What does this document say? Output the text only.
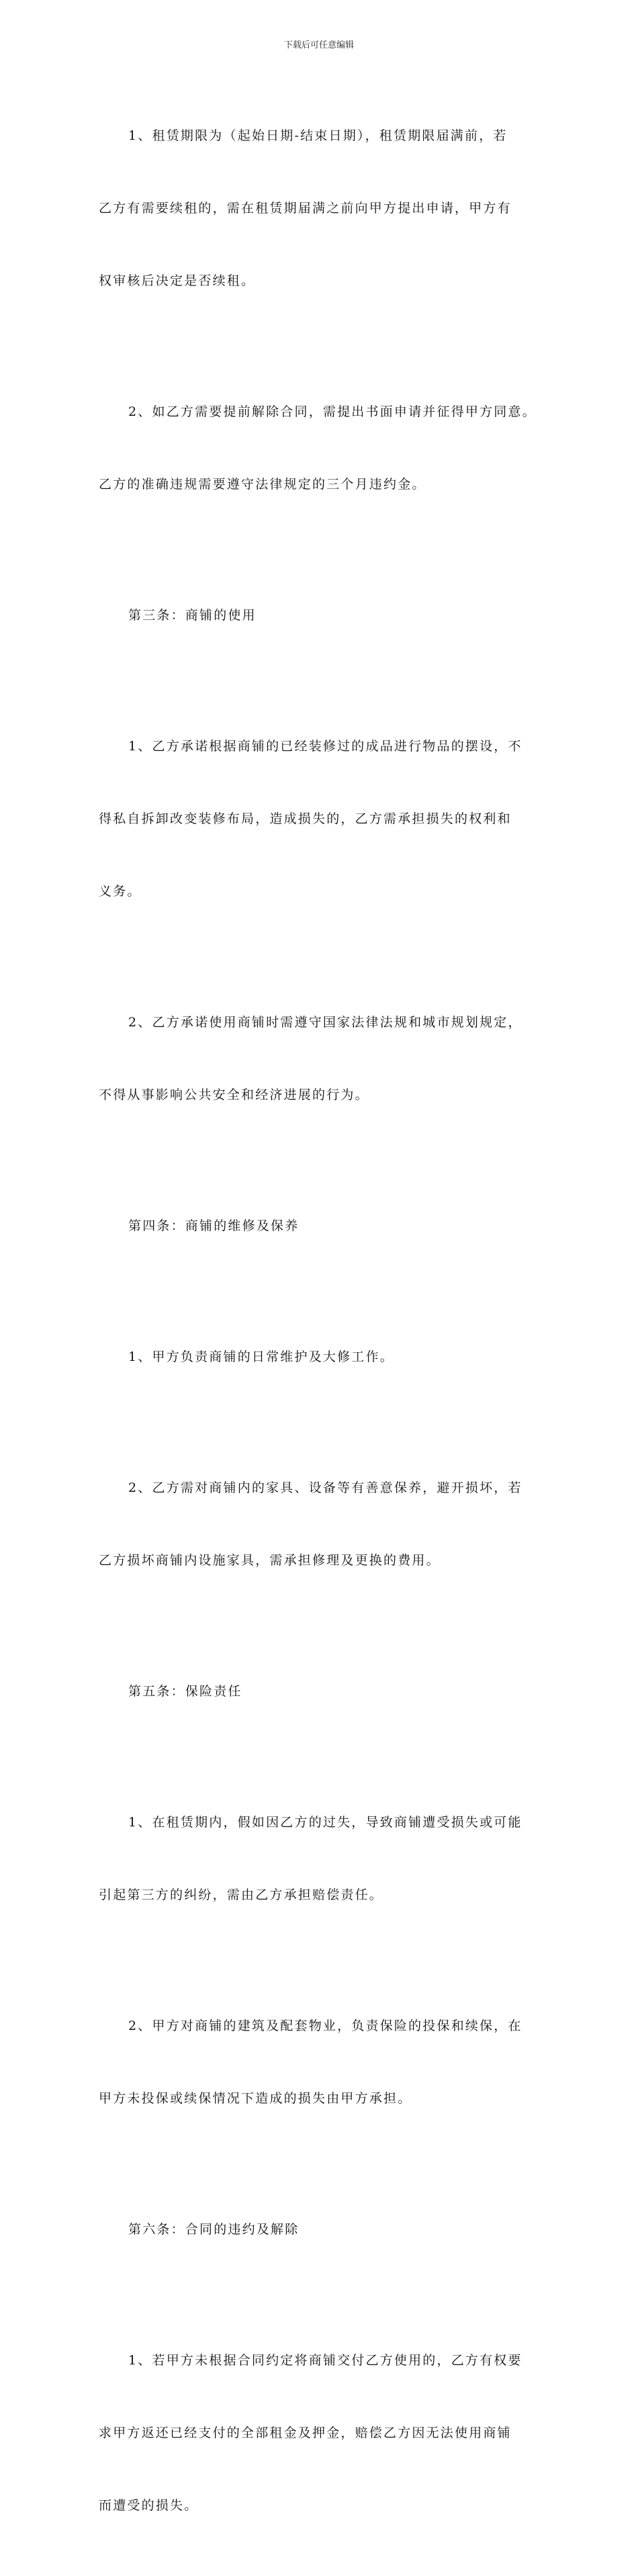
下载后可任意编辑

1、租赁期限为（起始日期-结束日期），租赁期限届满前，若

乙方有需要续租的，需在租赁期届满之前向甲方提出申请，甲方有

权审核后决定是否续租。

2、如乙方需要提前解除合同，需提出书面申请并征得甲方同意。

乙方的准确违规需要遵守法律规定的三个月违约金。

第三条：商铺的使用

1、乙方承诺根据商铺的已经装修过的成品进行物品的摆设，不

得私自拆卸改变装修布局，造成损失的，乙方需承担损失的权利和

义务。

2、乙方承诺使用商铺时需遵守国家法律法规和城市规划规定，

不得从事影响公共安全和经济进展的行为。

第四条：商铺的维修及保养

1、甲方负责商铺的日常维护及大修工作。

2、乙方需对商铺内的家具、设备等有善意保养，避开损坏，若

乙方损坏商铺内设施家具，需承担修理及更换的费用。

第五条：保险责任

1、在租赁期内，假如因乙方的过失，导致商铺遭受损失或可能

引起第三方的纠纷，需由乙方承担赔偿责任。

2、甲方对商铺的建筑及配套物业，负责保险的投保和续保，在

甲方未投保或续保情况下造成的损失由甲方承担。

第六条：合同的违约及解除

1、若甲方未根据合同约定将商铺交付乙方使用的，乙方有权要

求甲方返还已经支付的全部租金及押金，赔偿乙方因无法使用商铺

而遭受的损失。
